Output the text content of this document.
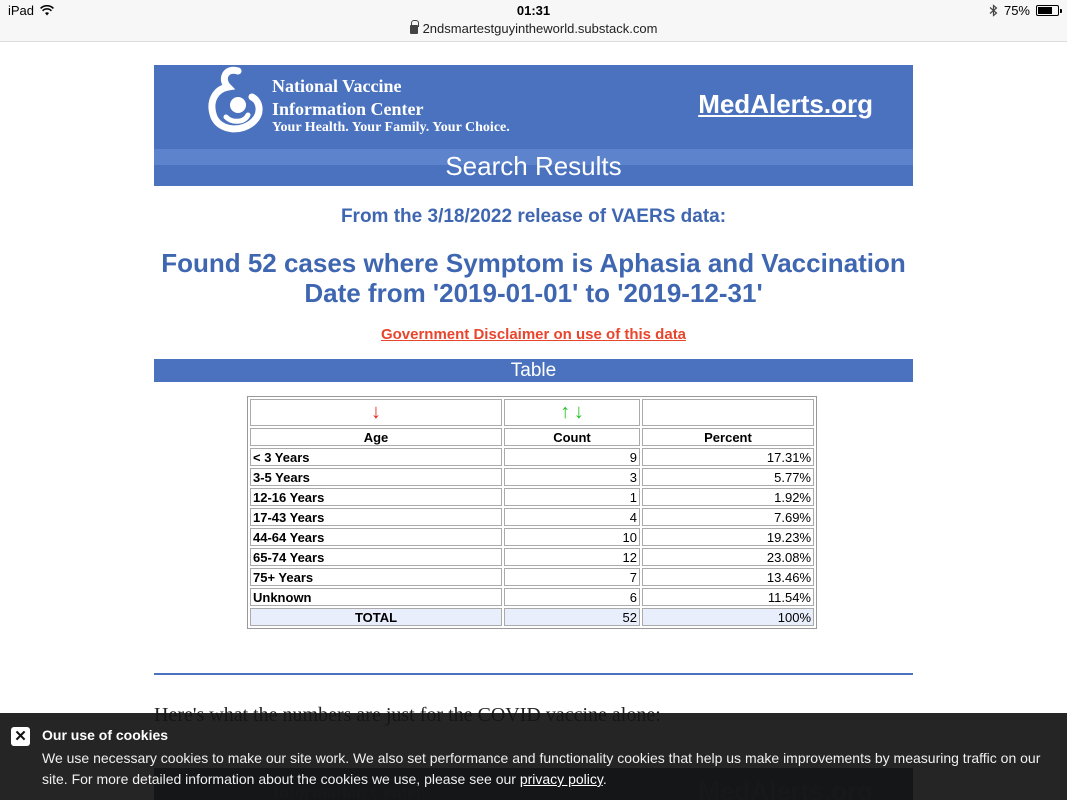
iPad	01:31
2ndsmartestguyintheworld.substack.com
75%
National Vaccine
Information Center
Your Health. Your Family. Your Choice.
MedAlerts.org
Search Results
From the 3/18/2022 release of VAERS data:
Found 52 cases where Symptom is Aphasia and Vaccination
Date from '2019-01-01' to '2019-12-31'
Government Disclaimer on use of this data
Table
↓	↑ ↓	
Age	Count	Percent
< 3 Years	9	17.31%
3-5 Years	3	5.77%
12-16 Years	1	1.92%
17-43 Years	4	7.69%
44-64 Years	10	19.23%
65-74 Years	12	23.08%
75+ Years	7	13.46%
Unknown	6	11.54%
TOTAL	52	100%
✕ Our use of cookies
We use necessary cookies to make our site work. We also set performance and functionality cookies that help us make improvements by measuring traffic on our site. For more detailed information about the cookies we use, please see our privacy policy.
